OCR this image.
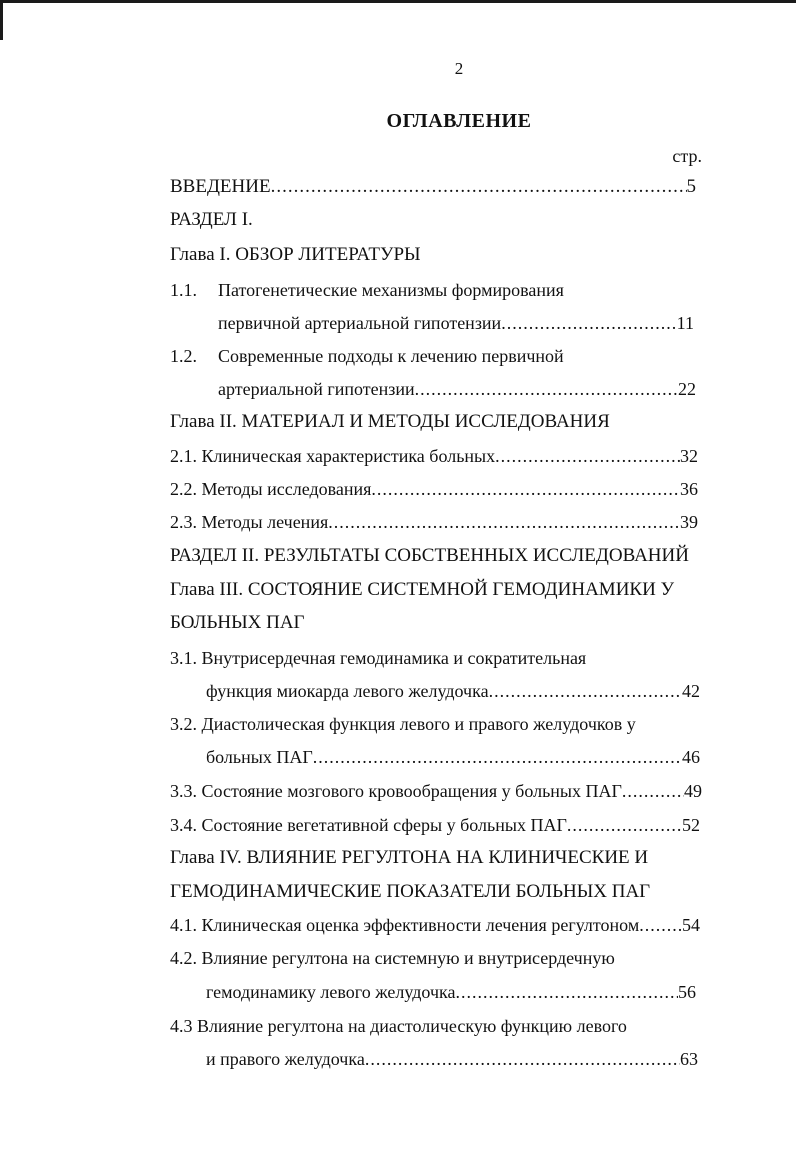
2
ОГЛАВЛЕНИЕ
стр.
ВВЕДЕНИЕ .....	5
РАЗДЕЛ I.
Глава I. ОБЗОР ЛИТЕРАТУРЫ
1.1. Патогенетические механизмы формирования
первичной артериальной гипотензии .....	11
1.2. Современные подходы к лечению первичной
артериальной гипотензии .....	22
Глава II. МАТЕРИАЛ И МЕТОДЫ ИССЛЕДОВАНИЯ
2.1. Клиническая характеристика больных .....	32
2.2. Методы исследования .....	36
2.3. Методы лечения .....	39
РАЗДЕЛ II. РЕЗУЛЬТАТЫ СОБСТВЕННЫХ ИССЛЕДОВАНИЙ
Глава III. СОСТОЯНИЕ СИСТЕМНОЙ ГЕМОДИНАМИКИ У
БОЛЬНЫХ ПАГ
3.1. Внутрисердечная гемодинамика и сократительная
функция миокарда левого желудочка .....	42
3.2. Диастолическая функция левого и правого желудочков у
больных ПАГ .....	46
3.3. Состояние мозгового кровообращения у больных ПАГ .....	49
3.4. Состояние вегетативной сферы у больных ПАГ .....	52
Глава IV. ВЛИЯНИЕ РЕГУЛТОНА НА КЛИНИЧЕСКИЕ И
ГЕМОДИНАМИЧЕСКИЕ ПОКАЗАТЕЛИ БОЛЬНЫХ ПАГ
4.1. Клиническая оценка эффективности лечения регултоном ..... 54
4.2. Влияние регултона на системную и внутрисердечную
гемодинамику левого желудочка .....	56
4.3 Влияние регултона на диастолическую функцию левого
и правого желудочка .....	63
